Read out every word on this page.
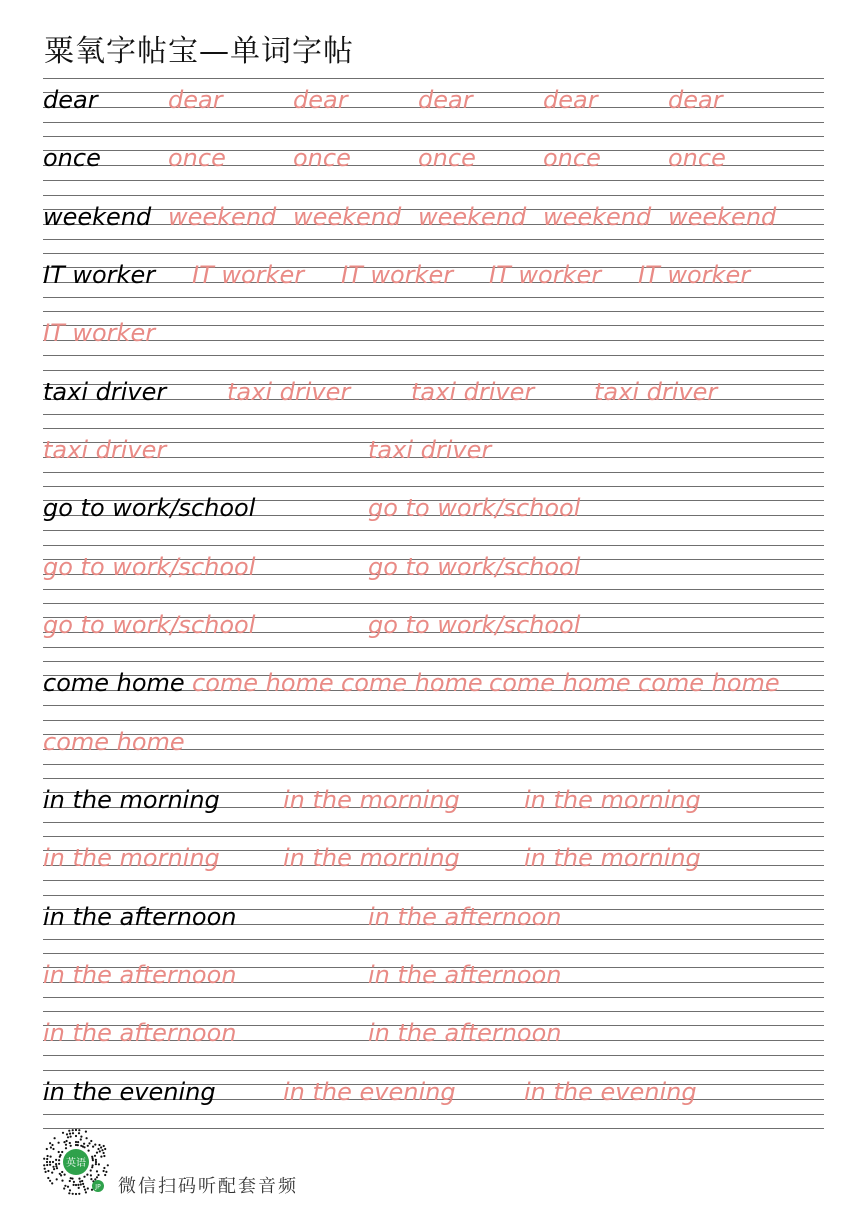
粟氧字帖宝—单词字帖
dear	dear	dear	dear	dear	dear
once	once	once	once	once	once
weekend weekend weekend weekend weekend weekend
IT worker IT worker IT worker IT worker IT worker
IT worker
taxi driver	taxi driver	taxi driver taxi driver
taxi driver	taxi driver
go to work/school	go to work/school
go to work/school	go to work/school
go to work/school	go to work/school
come home come home come home come home come home
come home
in the morning	in the morning	in the morning
in the morning	in the morning	in the morning
in the afternoon	in the afternoon
in the afternoon	in the afternoon
in the afternoon	in the afternoon
in the evening	in the evening	in the evening
英语
JP 微信扫码听配套音频
